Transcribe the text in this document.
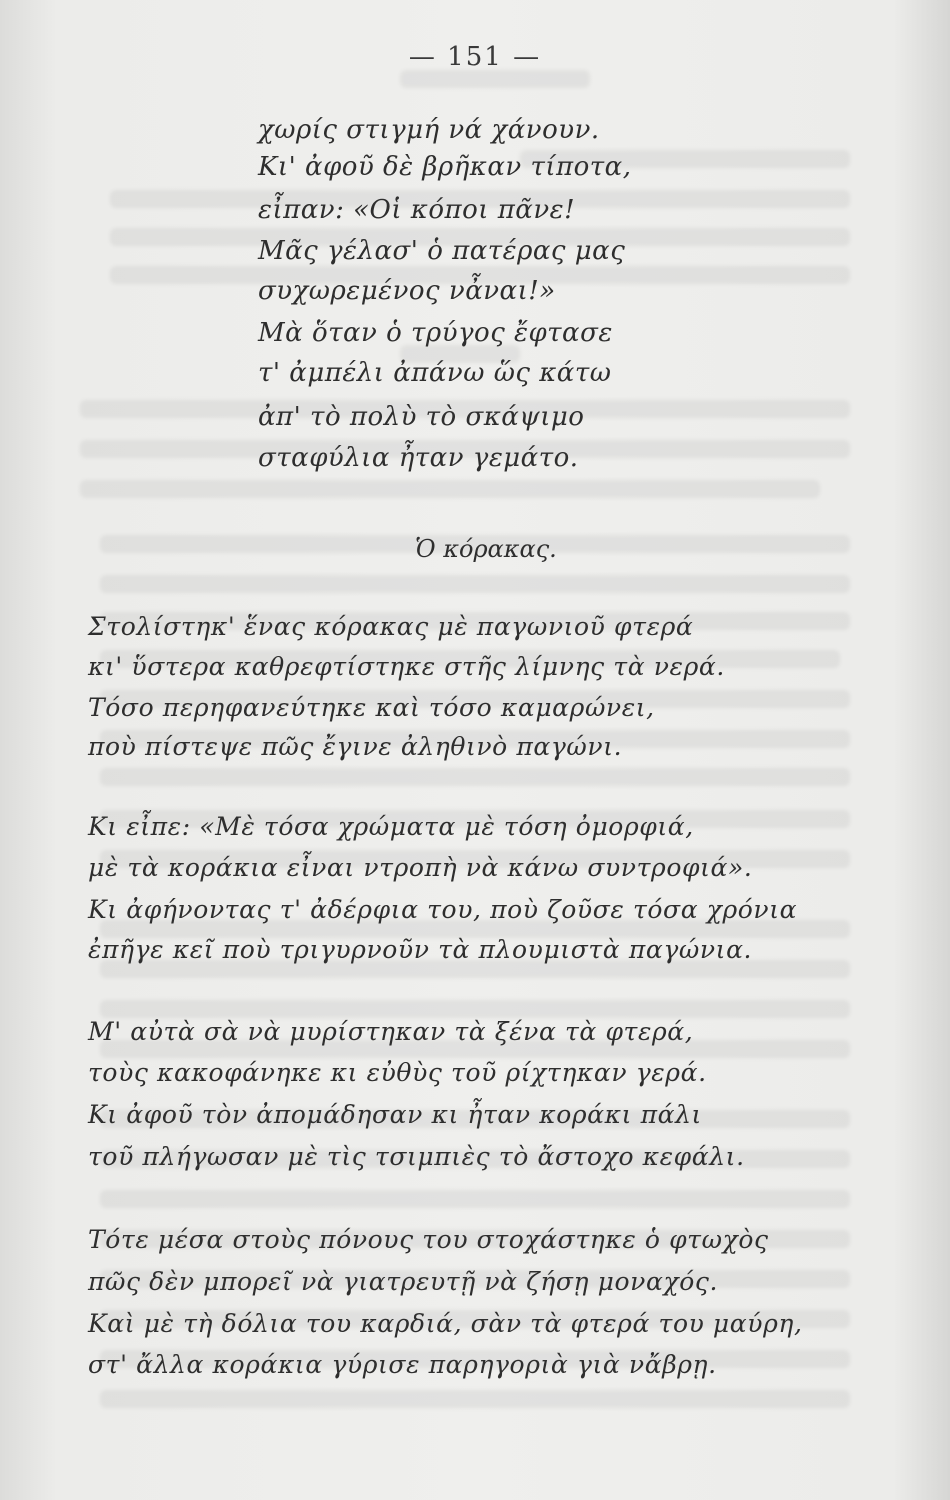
— 151 —
χωρίς στιγμή νά χάνουν.
Κι' ἀφοῦ δὲ βρῆκαν τίποτα,
εἶπαν: «Οἱ κόποι πᾶνε!
Μᾶς γέλασ' ὁ πατέρας μας
συχωρεμένος νἆναι!»
Μὰ ὅταν ὁ τρύγος ἔφτασε
τ' ἀμπέλι ἀπάνω ὥς κάτω
ἀπ' τὸ πολὺ τὸ σκάψιμο
σταφύλια ἦταν γεμάτο.
Ὁ κόρακας.
Στολίστηκ' ἕνας κόρακας μὲ παγωνιοῦ φτερά
κι' ὕστερα καθρεφτίστηκε στῆς λίμνης τὰ νερά.
Τόσο περηφανεύτηκε καὶ τόσο καμαρώνει,
ποὺ πίστεψε πῶς ἔγινε ἀληθινὸ παγώνι.
Κι εἶπε: «Μὲ τόσα χρώματα μὲ τόση ὀμορφιά,
μὲ τὰ κοράκια εἶναι ντροπὴ νὰ κάνω συντροφιά».
Κι ἀφήνοντας τ' ἀδέρφια του, ποὺ ζοῦσε τόσα χρόνια
ἐπῆγε κεῖ ποὺ τριγυρνοῦν τὰ πλουμιστὰ παγώνια.
Μ' αὐτὰ σὰ νὰ μυρίστηκαν τὰ ξένα τὰ φτερά,
τοὺς κακοφάνηκε κι εὐθὺς τοῦ ρίχτηκαν γερά.
Κι ἀφοῦ τὸν ἀπομάδησαν κι ἦταν κοράκι πάλι
τοῦ πλήγωσαν μὲ τὶς τσιμπιὲς τὸ ἄστοχο κεφάλι.
Τότε μέσα στοὺς πόνους του στοχάστηκε ὁ φτωχὸς
πῶς δὲν μπορεῖ νὰ γιατρευτῇ νὰ ζήσῃ μοναχός.
Καὶ μὲ τὴ δόλια του καρδιά, σὰν τὰ φτερά του μαύρη,
στ' ἄλλα κοράκια γύρισε παρηγοριὰ γιὰ νἄβρῃ.
